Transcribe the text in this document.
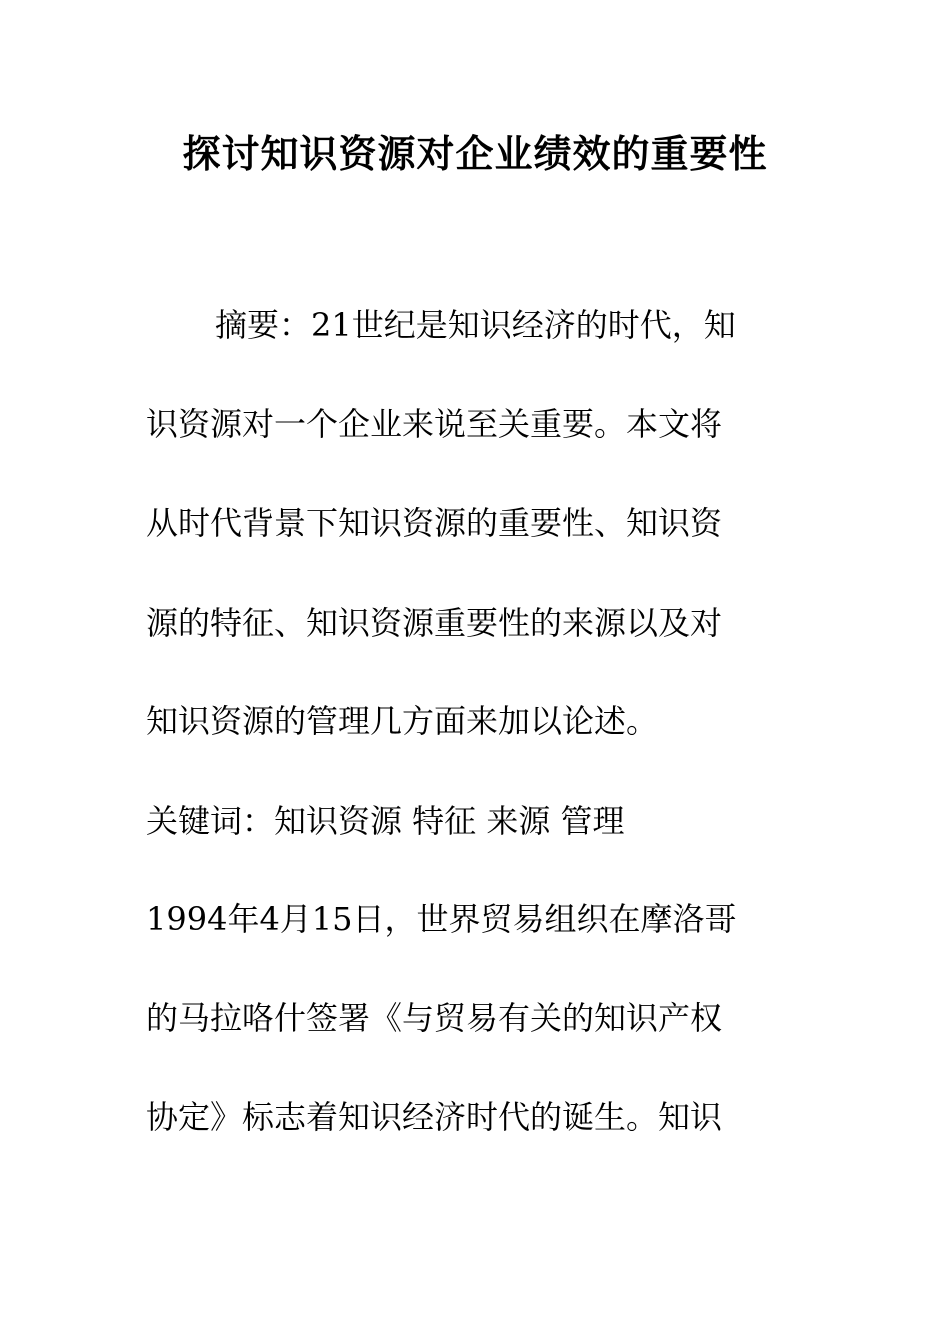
探讨知识资源对企业绩效的重要性
摘要：21世纪是知识经济的时代，知
识资源对一个企业来说至关重要。本文将
从时代背景下知识资源的重要性、知识资
源的特征、知识资源重要性的来源以及对
知识资源的管理几方面来加以论述。
关键词：知识资源 特征 来源 管理
1994年4月15日，世界贸易组织在摩洛哥
的马拉咯什签署《与贸易有关的知识产权
协定》标志着知识经济时代的诞生。知识
